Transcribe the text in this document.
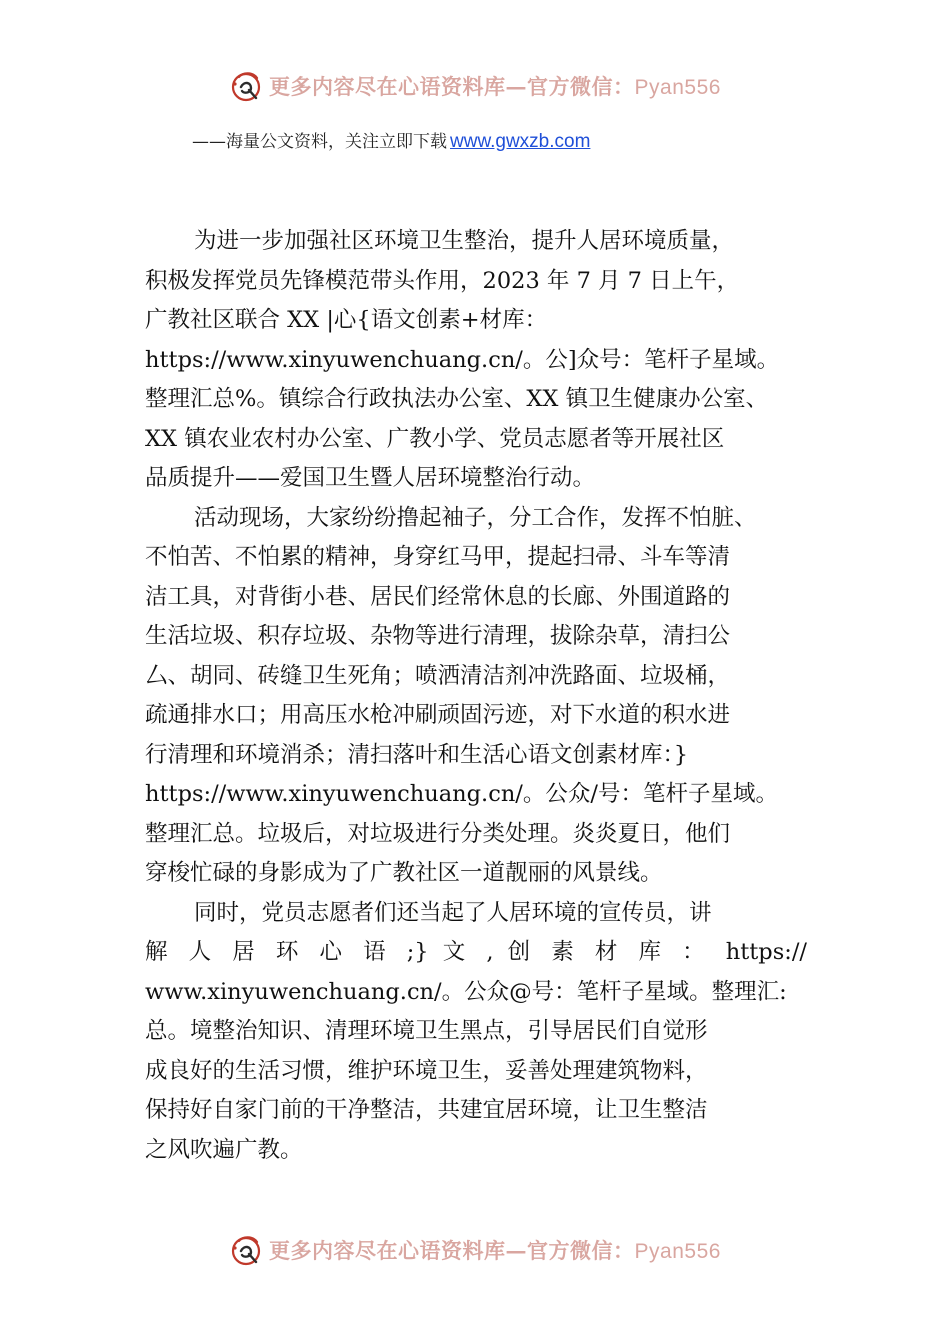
更多内容尽在心语资料库—官方微信：Pyan556
——海量公文资料，关注立即下载 www.gwxzb.com
为进一步加强社区环境卫生整治，提升人居环境质量，
积极发挥党员先锋模范带头作用，2023 年 7 月 7 日上午，
广教社区联合 XX |心{语文创素+材库：
https://www.xinyuwenchuang.cn/。公]众号：笔杆子星域。
整理汇总%。镇综合行政执法办公室、XX 镇卫生健康办公室、
XX 镇农业农村办公室、广教小学、党员志愿者等开展社区
品质提升——爱国卫生暨人居环境整治行动。
活动现场，大家纷纷撸起袖子，分工合作，发挥不怕脏、
不怕苦、不怕累的精神，身穿红马甲，提起扫帚、斗车等清
洁工具，对背街小巷、居民们经常休息的长廊、外围道路的
生活垃圾、积存垃圾、杂物等进行清理，拔除杂草，清扫公
厶、胡同、砖缝卫生死角；喷洒清洁剂冲洗路面、垃圾桶，
疏通排水口；用高压水枪冲刷顽固污迹，对下水道的积水进
行清理和环境消杀；清扫落叶和生活心语文创素材库：}
https://www.xinyuwenchuang.cn/。公众/号：笔杆子星域。
整理汇总。垃圾后，对垃圾进行分类处理。炎炎夏日，他们
穿梭忙碌的身影成为了广教社区一道靓丽的风景线。
同时，党员志愿者们还当起了人居环境的宣传员，讲
解 人 居 环 心 语 ;} 文 , 创 素 材 库 ： https://
www.xinyuwenchuang.cn/。公众@号：笔杆子星域。整理汇:
总。境整治知识、清理环境卫生黑点，引导居民们自觉形
成良好的生活习惯，维护环境卫生，妥善处理建筑物料，
保持好自家门前的干净整洁，共建宜居环境，让卫生整洁
之风吹遍广教。
更多内容尽在心语资料库—官方微信：Pyan556
